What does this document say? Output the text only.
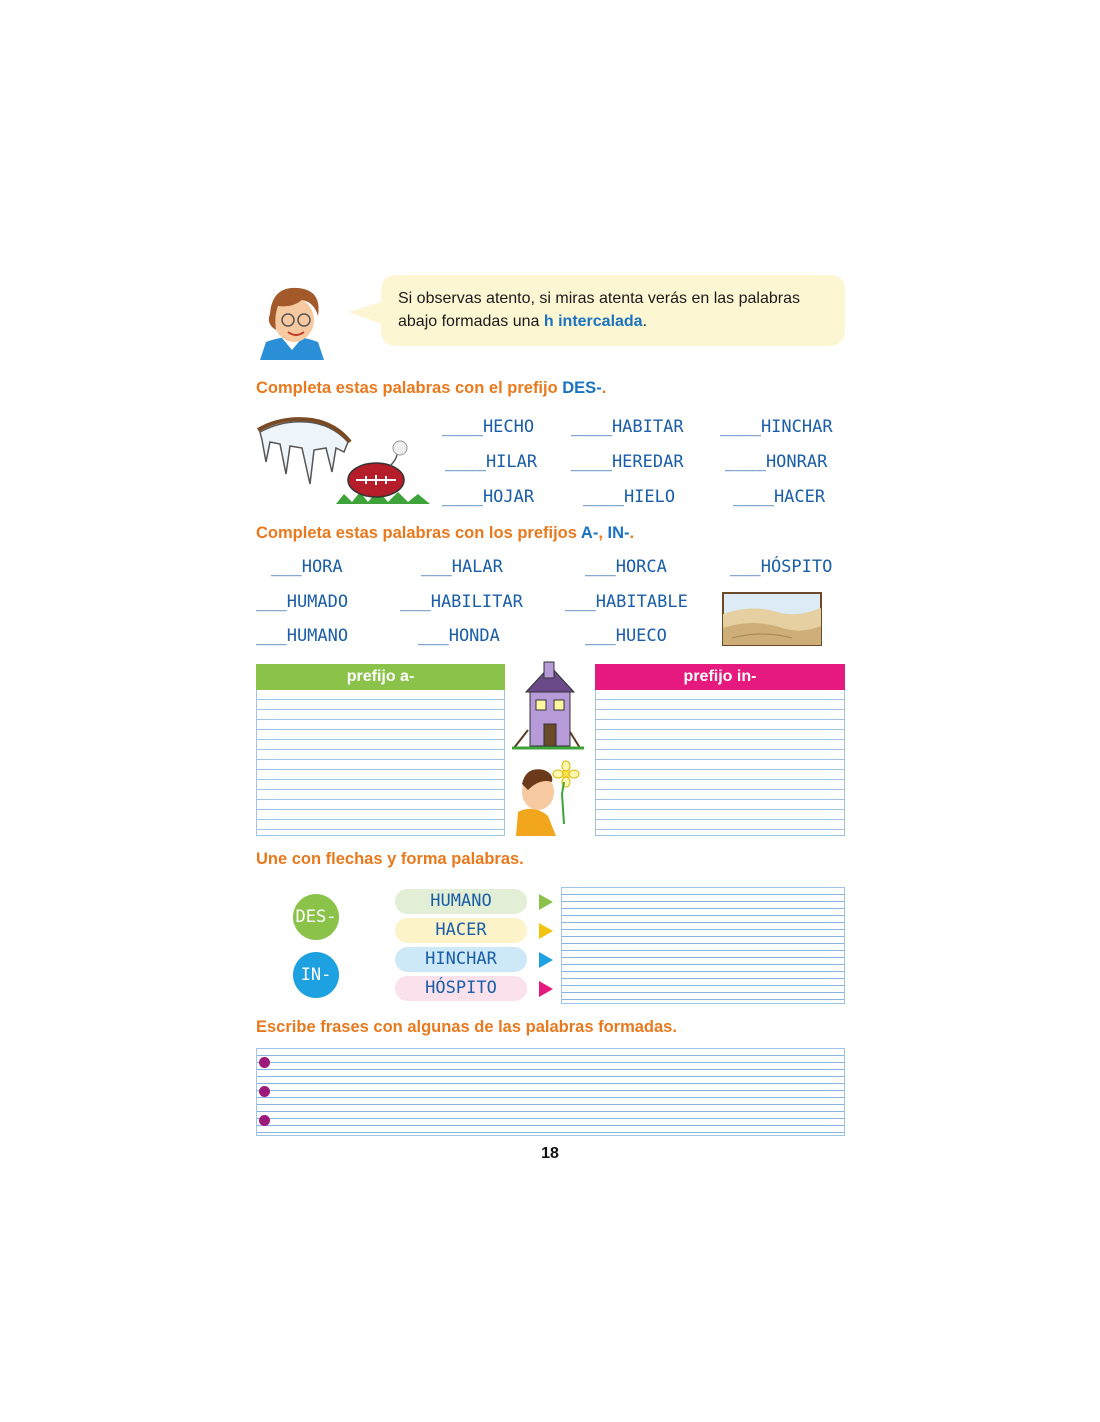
Si observas atento, si miras atenta verás en las palabras abajo formadas una h intercalada.
Completa estas palabras con el prefijo DES-.
____HECHO ____HABITAR ____HINCHAR
____HILAR ____HEREDAR ____HONRAR
____HOJAR	____HIELO	____HACER
Completa estas palabras con los prefijos A-, IN-.
___HORA	___HALAR	___HORCA	___HÓSPITO
___HUMADO	___HABILITAR ___HABITABLE
___HUMANO	___HONDA	___HUECO
prefijo a-	prefijo in-
Une con flechas y forma palabras.
DES-
IN-
HUMANO
HACER
HINCHAR
HÓSPITO
Escribe frases con algunas de las palabras formadas.
18
